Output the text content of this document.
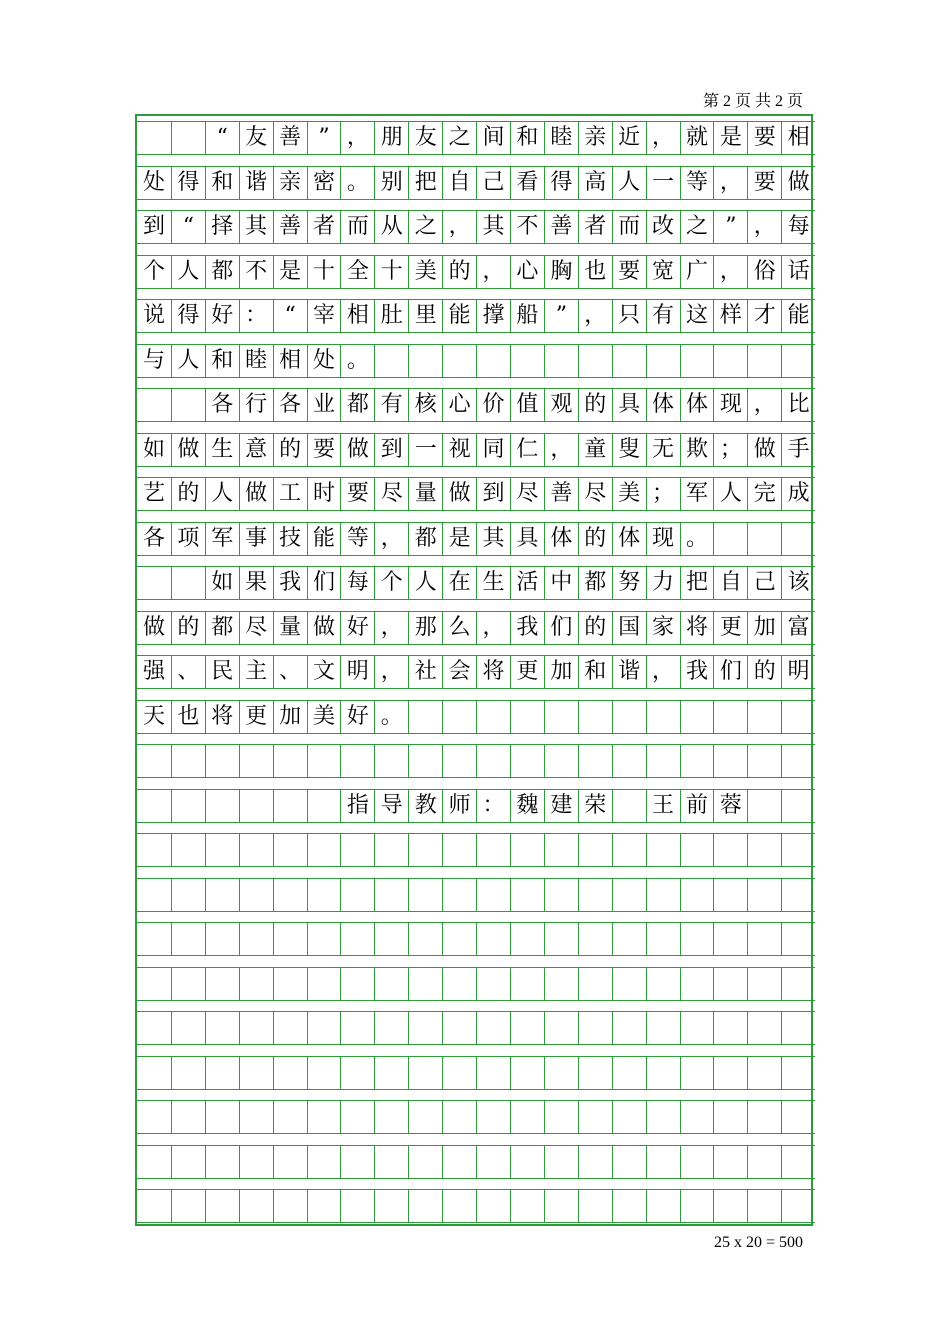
第 2 页 共 2 页
“ 友 善 ” ， 朋 友 之 间 和 睦 亲 近 ， 就 是 要 相
处 得 和 谐 亲 密 。 别 把 自 己 看 得 高 人 一 等 ， 要 做
到 “ 择 其 善 者 而 从 之 ， 其 不 善 者 而 改 之 ” ， 每
个 人 都 不 是 十 全 十 美 的 ， 心 胸 也 要 宽 广 ， 俗 话
说 得 好 ： “ 宰 相 肚 里 能 撑 船 ” ， 只 有 这 样 才 能
与 人 和 睦 相 处 。
各 行 各 业 都 有 核 心 价 值 观 的 具 体 体 现 ， 比
如 做 生 意 的 要 做 到 一 视 同 仁 ， 童 叟 无 欺 ； 做 手
艺 的 人 做 工 时 要 尽 量 做 到 尽 善 尽 美 ； 军 人 完 成
各 项 军 事 技 能 等 ， 都 是 其 具 体 的 体 现 。
如 果 我 们 每 个 人 在 生 活 中 都 努 力 把 自 己 该
做 的 都 尽 量 做 好 ， 那 么 ， 我 们 的 国 家 将 更 加 富
强 、 民 主 、 文 明 ， 社 会 将 更 加 和 谐 ， 我 们 的 明
天 也 将 更 加 美 好 。
指 导 教 师 ： 魏 建 荣 王 前 蓉
25 x 20 = 500
